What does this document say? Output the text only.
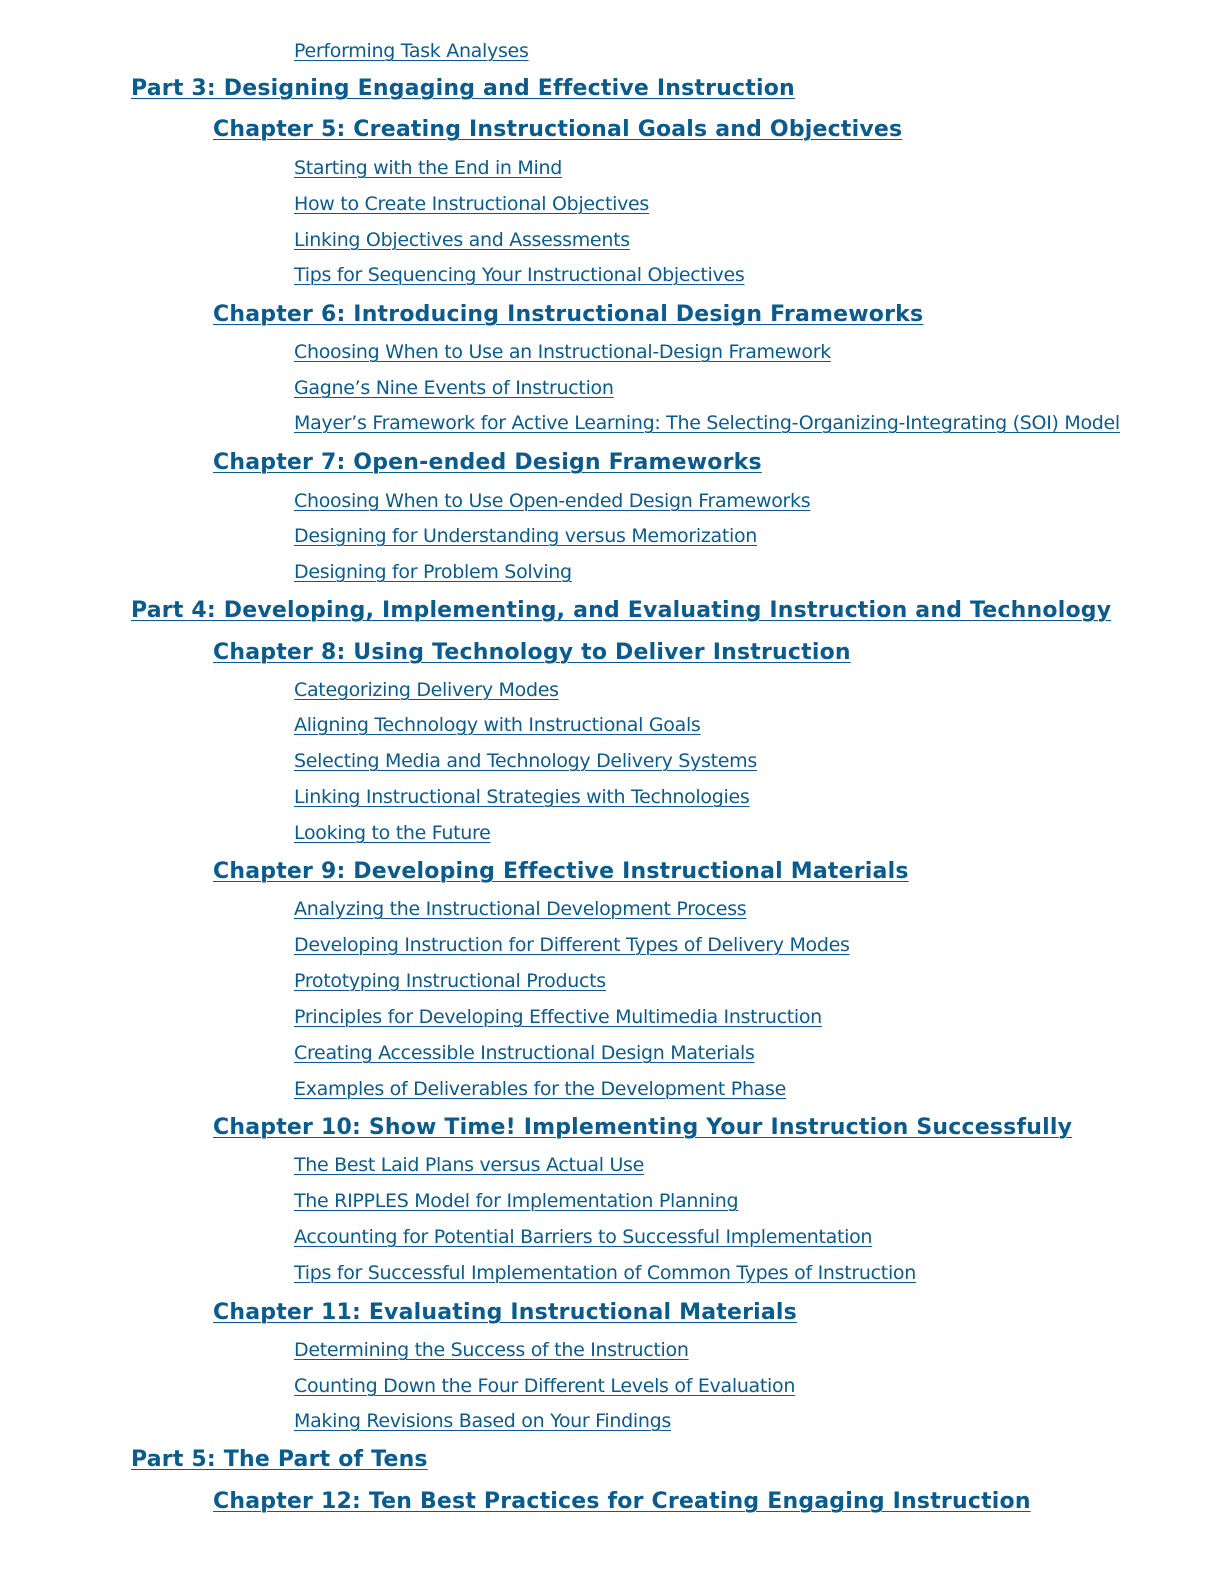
Performing Task Analyses
Part 3: Designing Engaging and Effective Instruction
Chapter 5: Creating Instructional Goals and Objectives
Starting with the End in Mind
How to Create Instructional Objectives
Linking Objectives and Assessments
Tips for Sequencing Your Instructional Objectives
Chapter 6: Introducing Instructional Design Frameworks
Choosing When to Use an Instructional-Design Framework
Gagne’s Nine Events of Instruction
Mayer’s Framework for Active Learning: The Selecting-Organizing-Integrating (SOI) Model
Chapter 7: Open-ended Design Frameworks
Choosing When to Use Open-ended Design Frameworks
Designing for Understanding versus Memorization
Designing for Problem Solving
Part 4: Developing, Implementing, and Evaluating Instruction and Technology
Chapter 8: Using Technology to Deliver Instruction
Categorizing Delivery Modes
Aligning Technology with Instructional Goals
Selecting Media and Technology Delivery Systems
Linking Instructional Strategies with Technologies
Looking to the Future
Chapter 9: Developing Effective Instructional Materials
Analyzing the Instructional Development Process
Developing Instruction for Different Types of Delivery Modes
Prototyping Instructional Products
Principles for Developing Effective Multimedia Instruction
Creating Accessible Instructional Design Materials
Examples of Deliverables for the Development Phase
Chapter 10: Show Time! Implementing Your Instruction Successfully
The Best Laid Plans versus Actual Use
The RIPPLES Model for Implementation Planning
Accounting for Potential Barriers to Successful Implementation
Tips for Successful Implementation of Common Types of Instruction
Chapter 11: Evaluating Instructional Materials
Determining the Success of the Instruction
Counting Down the Four Different Levels of Evaluation
Making Revisions Based on Your Findings
Part 5: The Part of Tens
Chapter 12: Ten Best Practices for Creating Engaging Instruction
